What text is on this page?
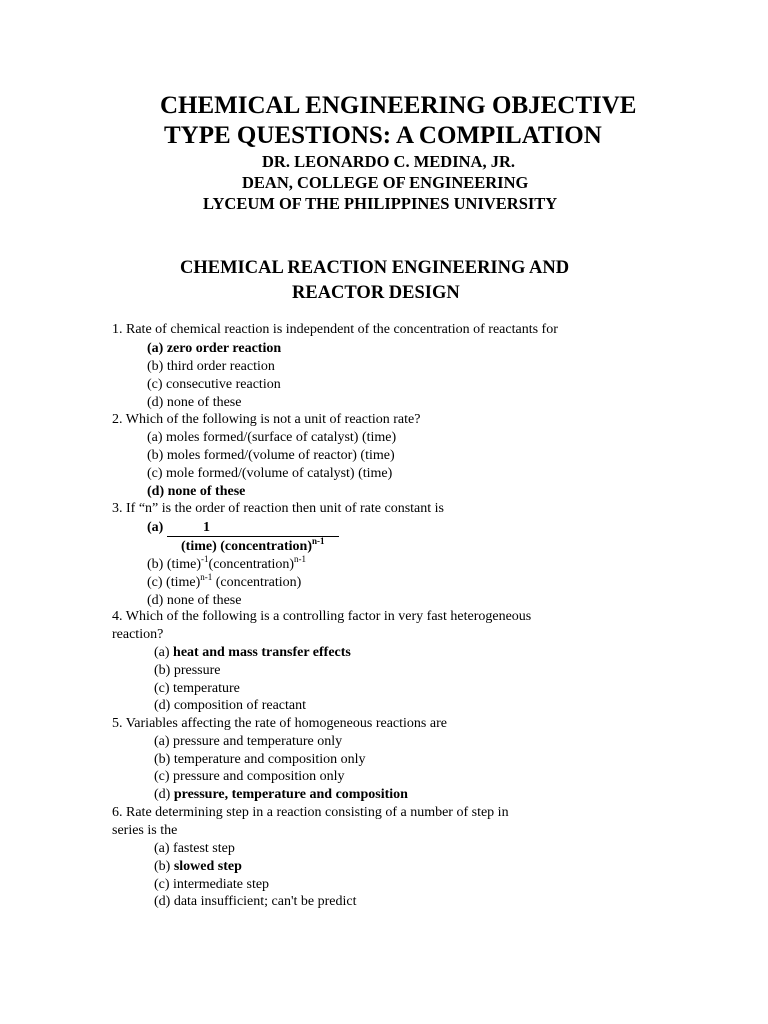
CHEMICAL ENGINEERING OBJECTIVE
TYPE QUESTIONS: A COMPILATION
DR. LEONARDO C. MEDINA, JR.
DEAN, COLLEGE OF ENGINEERING
LYCEUM OF THE PHILIPPINES UNIVERSITY
CHEMICAL REACTION ENGINEERING AND
REACTOR DESIGN
1. Rate of chemical reaction is independent of the concentration of reactants for
(a) zero order reaction
(b) third order reaction
(c) consecutive reaction
(d) none of these
2. Which of the following is not a unit of reaction rate?
(a) moles formed/(surface of catalyst) (time)
(b) moles formed/(volume of reactor) (time)
(c) mole formed/(volume of catalyst) (time)
(d) none of these
3. If “n” is the order of reaction then unit of rate constant is
(a)	1
(time) (concentration)$^{n-1}$
(b) (time)$^{-1}$(concentration)$^{n-1}$
(c) (time)$^{n-1}$ (concentration)
(d) none of these
4. Which of the following is a controlling factor in very fast heterogeneous
reaction?
(a) heat and mass transfer effects
(b) pressure
(c) temperature
(d) composition of reactant
5. Variables affecting the rate of homogeneous reactions are
(a) pressure and temperature only
(b) temperature and composition only
(c) pressure and composition only
(d) pressure, temperature and composition
6. Rate determining step in a reaction consisting of a number of step in
series is the
(a) fastest step
(b) slowed step
(c) intermediate step
(d) data insufficient; can't be predict
